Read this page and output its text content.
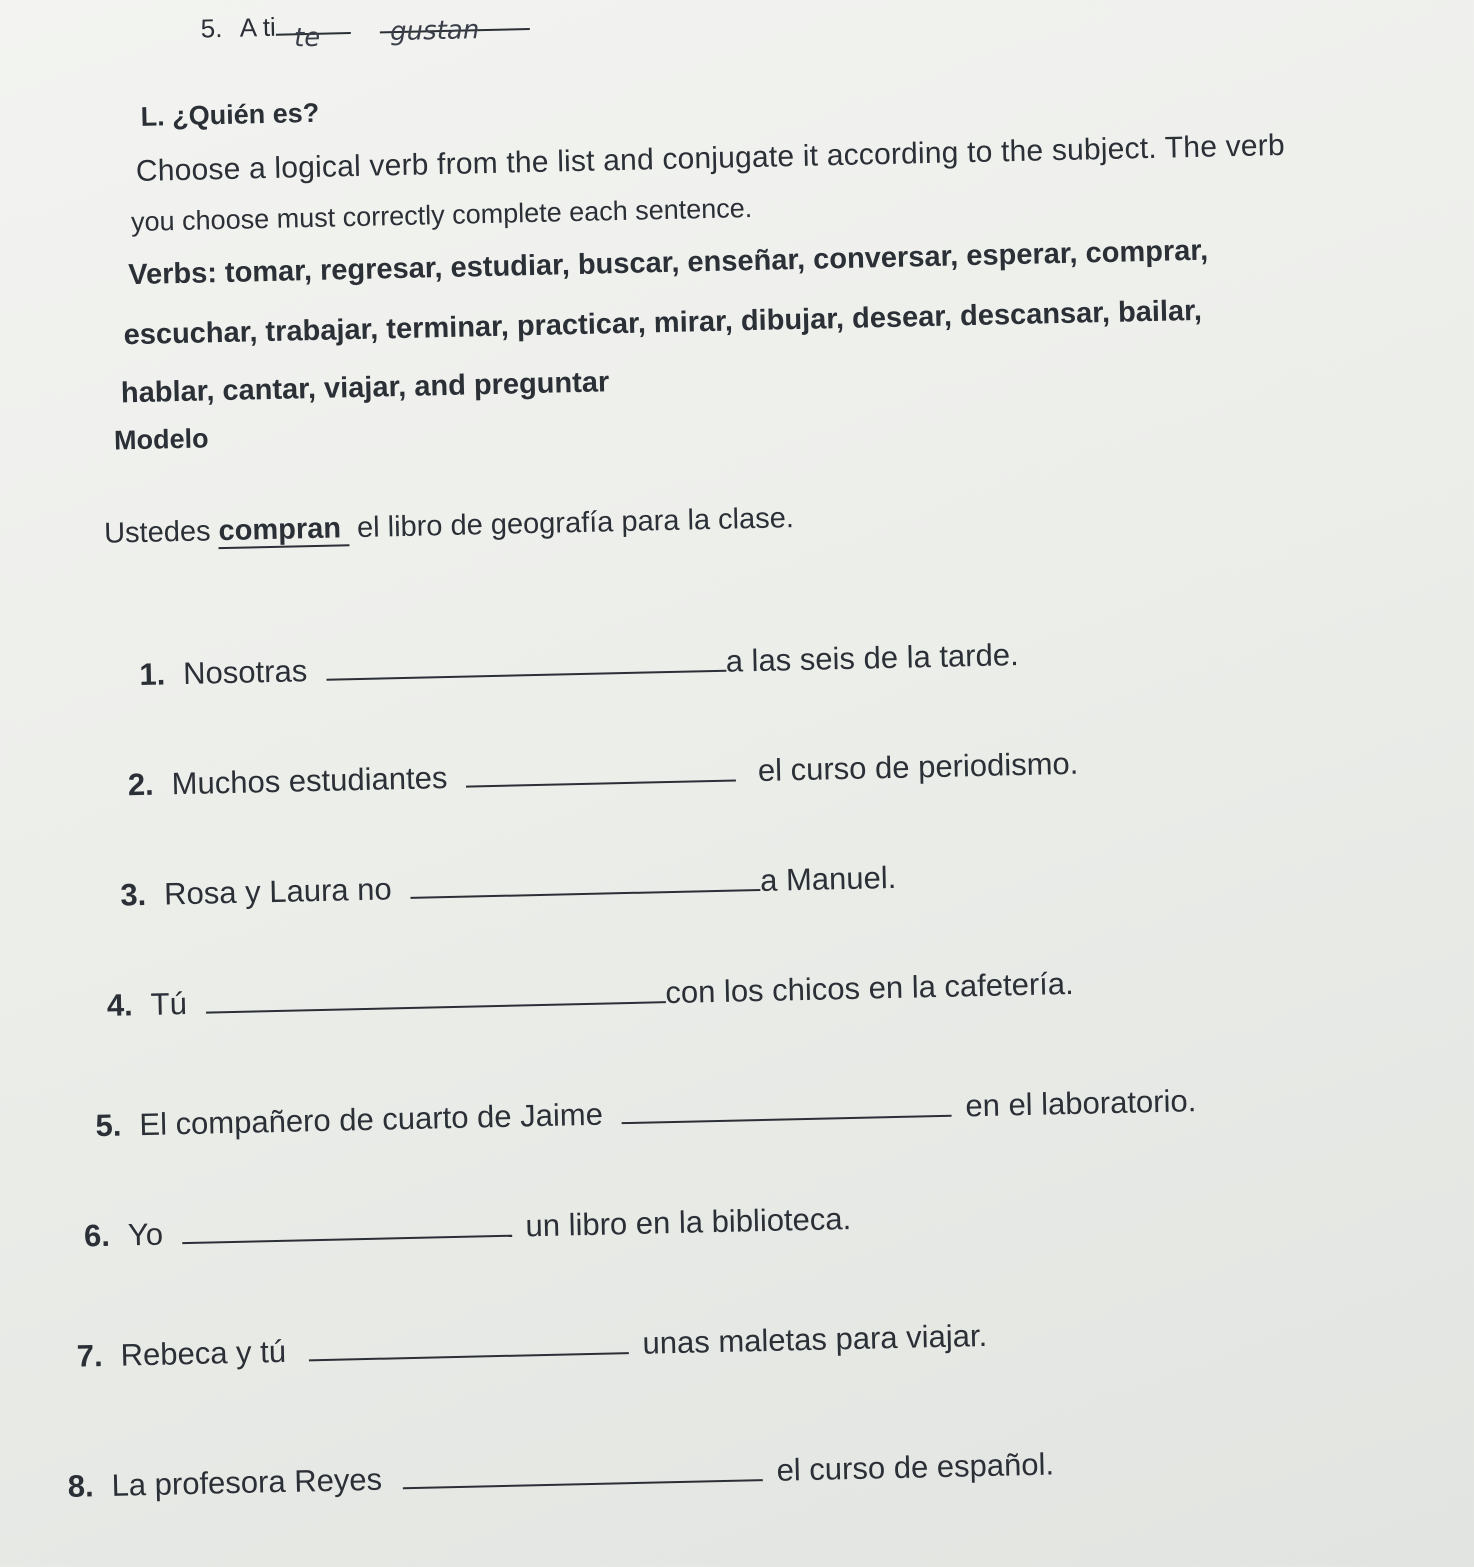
5. A ti te
	gustan
L. ¿Quién es?
Choose a logical verb from the list and conjugate it according to the subject. The verb
you choose must correctly complete each sentence.
Verbs: tomar, regresar, estudiar, buscar, enseñar, conversar, esperar, comprar,
escuchar, trabajar, terminar, practicar, mirar, dibujar, desear, descansar, bailar,
hablar, cantar, viajar, and preguntar
Modelo
Ustedes compran el libro de geografía para la clase.
1. Nosotras	a las seis de la tarde.
2. Muchos estudiantes	el curso de periodismo.
3. Rosa y Laura no	a Manuel.
4. Tú	con los chicos en la cafetería.
5. El compañero de cuarto de Jaime	en el laboratorio.
6. Yo	un libro en la biblioteca.
7. Rebeca y tú	unas maletas para viajar.
8. La profesora Reyes	el curso de español.
